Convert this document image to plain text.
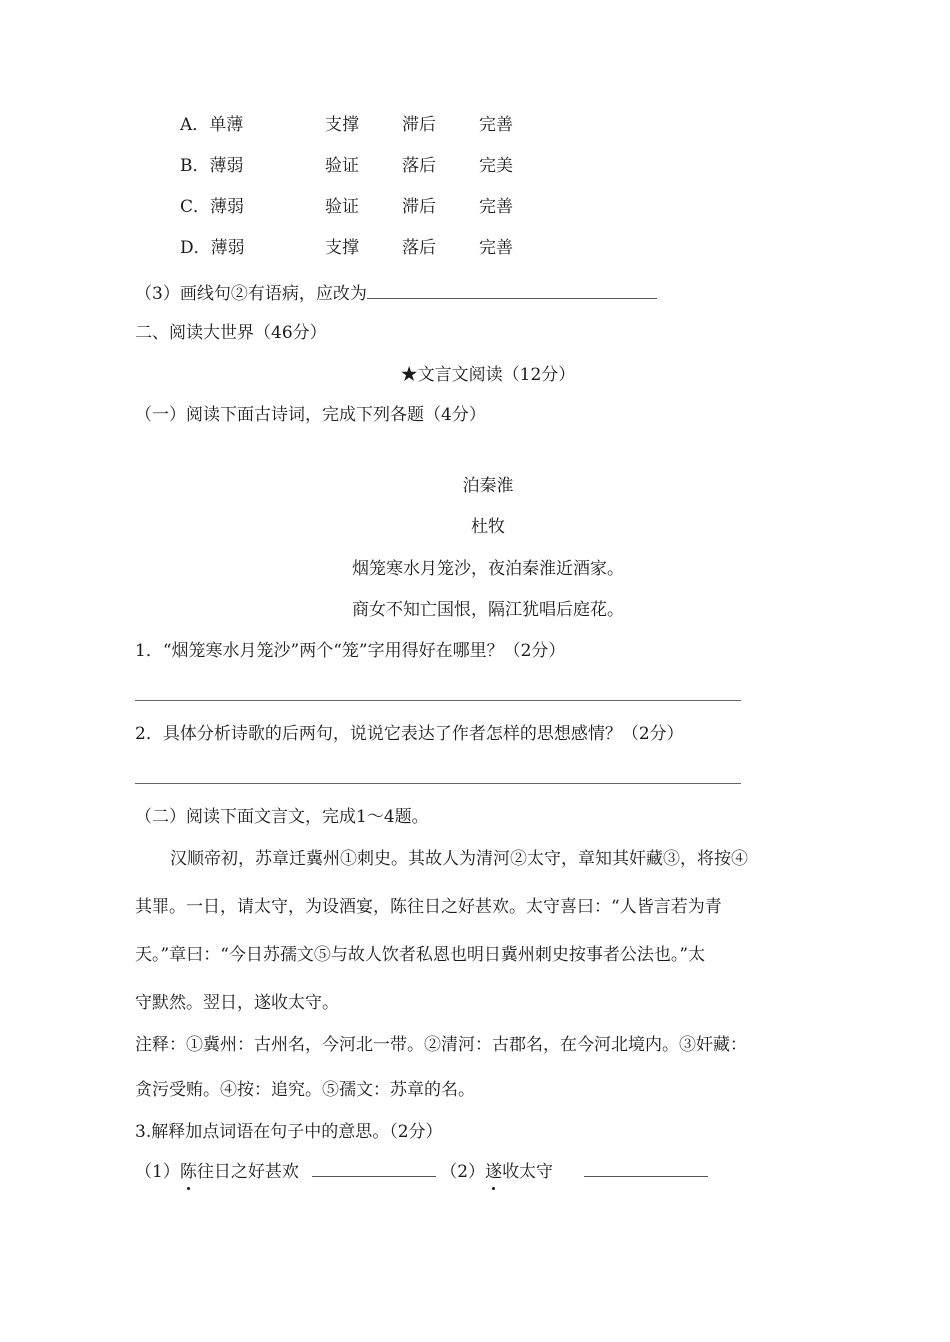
A．单薄	支撑	滞后	完善
B．薄弱	验证	落后	完美
C．薄弱	验证	滞后	完善
D．薄弱	支撑	落后	完善
（3）画线句②有语病，应改为
二、阅读大世界（46分）
★文言文阅读（12分）
（一）阅读下面古诗词，完成下列各题（4分）
泊秦淮
杜牧
烟笼寒水月笼沙，夜泊秦淮近酒家。
商女不知亡国恨，隔江犹唱后庭花。
1．“烟笼寒水月笼沙”两个“笼”字用得好在哪里？（2分）
2．具体分析诗歌的后两句，说说它表达了作者怎样的思想感情？（2分）
（二）阅读下面文言文，完成1～4题。
汉顺帝初，苏章迁冀州①刺史。其故人为清河②太守，章知其奸藏③，将按④
其罪。一日，请太守，为设酒宴，陈往日之好甚欢。太守喜曰：“人皆言若为青
天。”章曰：“今日苏孺文⑤与故人饮者私恩也明日冀州刺史按事者公法也。”太
守默然。翌日，遂收太守。
注释：①冀州：古州名，今河北一带。②清河：古郡名，在今河北境内。③奸藏：
贪污受贿。④按：追究。⑤孺文：苏章的名。
3.解释加点词语在句子中的意思。（2分）
（1）陈往日之好甚欢	（2）遂收太守
